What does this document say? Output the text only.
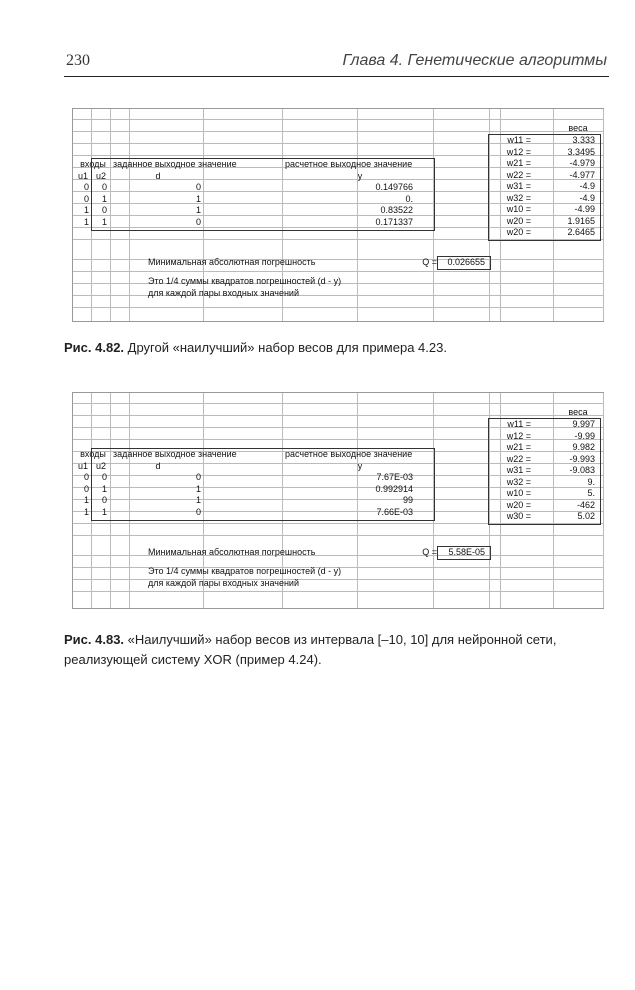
230	Глава 4. Генетические алгоритмы
веса
w11 =	3.333
w12 =	3.3495
w21 =	-4.979
w22 =	-4.977
w31 =	-4.9
w32 =	-4.9
w10 =	-4.99
w20 =	1.9165
w20 =	2.6465
входы заданное выходное значение	расчетное выходное значение
u1 u2	d	y
0	0	0	0.149766
0	1	1	0.
1	0	1	0.83522
1	1	0	0.171337
Минимальная абсолютная погрешность	Q =	0.026655
Это 1/4 суммы квадратов погрешностей (d - y)
для каждой пары входных значений
Рис. 4.82. Другой «наилучший» набор весов для примера 4.23.
веса
w11 =	9.997
w12 =	-9.99
w21 =	9.982
w22 =	-9.993
w31 =	-9.083
w32 =	9.
w10 =	5.
w20 =	-462
w30 =	5.02
входы заданное выходное значение	расчетное выходное значение
u1 u2	d	y
0	0	0	7.67E-03
0	1	1	0.992914
1	0	1	99
1	1	0	7.66E-03
Минимальная абсолютная погрешность	Q =	5.58E-05
Это 1/4 суммы квадратов погрешностей (d - y)
для каждой пары входных значений
Рис. 4.83. «Наилучший» набор весов из интервала [–10, 10] для нейронной сети,
реализующей систему XOR (пример 4.24).
